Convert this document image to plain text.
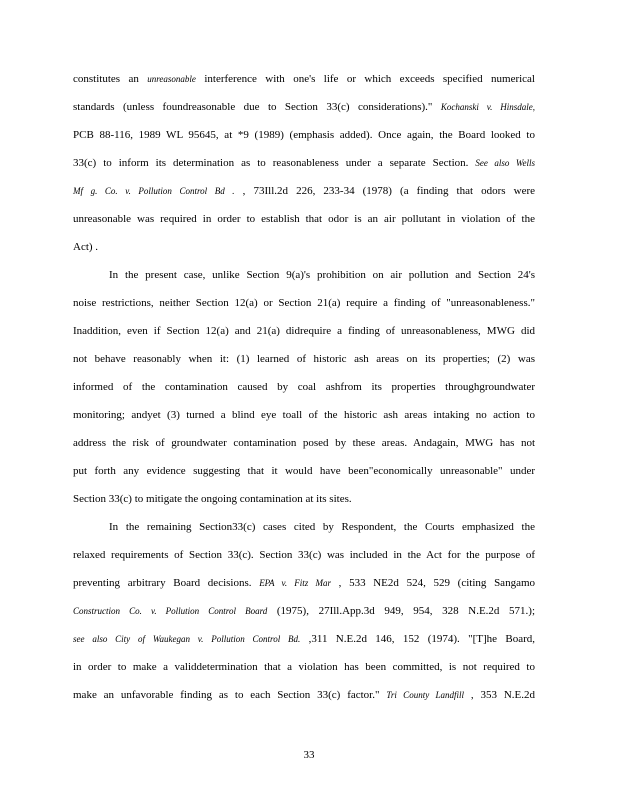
constitutes an unreasonable interference with one's life or which exceeds specified numerical
standards (unless foundreasonable due to Section 33(c) considerations)." Kochanski v. Hinsdale,
PCB 88-116, 1989 WL 95645, at *9 (1989) (emphasis added). Once again, the Board looked to
33(c) to inform its determination as to reasonableness under a separate Section. See also Wells
Mf g. Co. v. Pollution Control Bd . , 73Ill.2d 226, 233-34 (1978) (a finding that odors were
unreasonable was required in order to establish that odor is an air pollutant in violation of the
Act) .
In the present case, unlike Section 9(a)'s prohibition on air pollution and Section 24's
noise restrictions, neither Section 12(a) or Section 21(a) require a finding of "unreasonableness."
Inaddition, even if Section 12(a) and 21(a) didrequire a finding of unreasonableness, MWG did
not behave reasonably when it: (1) learned of historic ash areas on its properties; (2) was
informed of the contamination caused by coal ashfrom its properties throughgroundwater
monitoring; andyet (3) turned a blind eye toall of the historic ash areas intaking no action to
address the risk of groundwater contamination posed by these areas. Andagain, MWG has not
put forth any evidence suggesting that it would have been"economically unreasonable" under
Section 33(c) to mitigate the ongoing contamination at its sites.
In the remaining Section33(c) cases cited by Respondent, the Courts emphasized the
relaxed requirements of Section 33(c). Section 33(c) was included in the Act for the purpose of
preventing arbitrary Board decisions. EPA v. Fitz Mar , 533 NE2d 524, 529 (citing Sangamo
Construction Co. v. Pollution Control Board (1975), 27Ill.App.3d 949, 954, 328 N.E.2d 571.);
see also City of Waukegan v. Pollution Control Bd. ,311 N.E.2d 146, 152 (1974). "[T]he Board,
in order to make a validdetermination that a violation has been committed, is not required to
make an unfavorable finding as to each Section 33(c) factor." Tri County Landfill , 353 N.E.2d
33
